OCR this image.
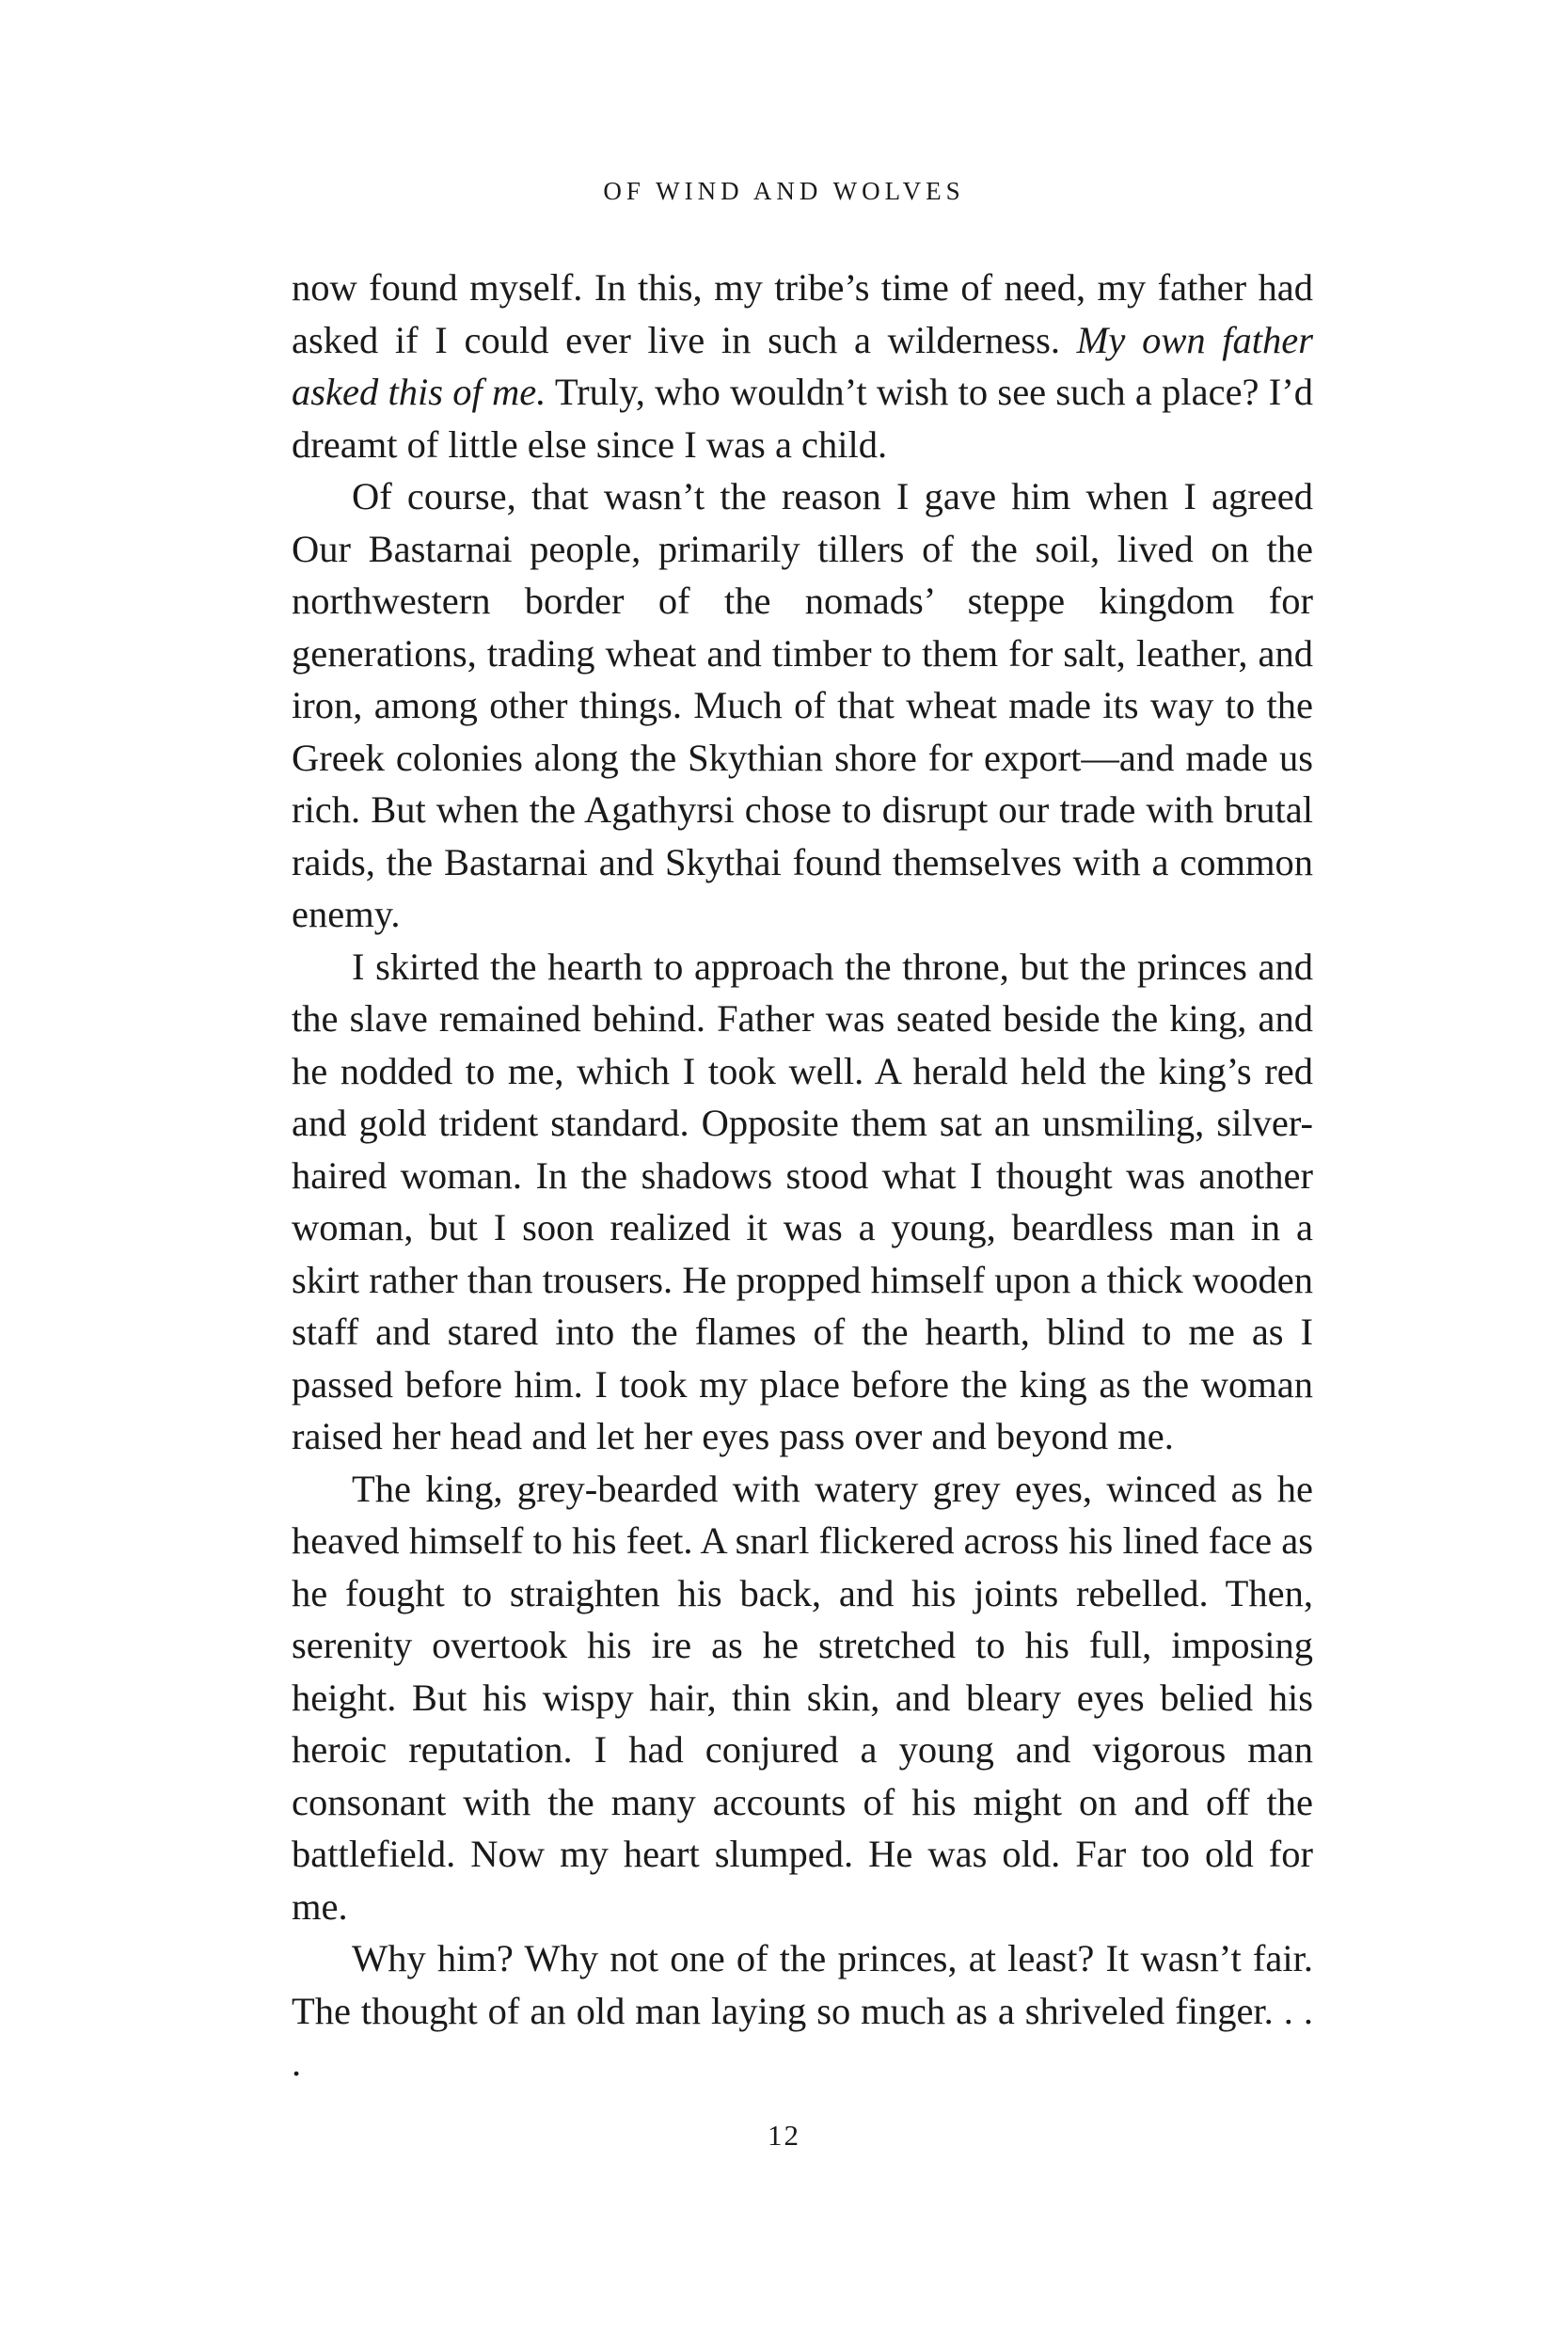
OF WIND AND WOLVES

now found myself. In this, my tribe’s time of need, my father had asked if I could ever live in such a wilderness. My own father asked this of me. Truly, who wouldn’t wish to see such a place? I’d dreamt of little else since I was a child.

Of course, that wasn’t the reason I gave him when I agreed Our Bastarnai people, primarily tillers of the soil, lived on the northwestern border of the nomads’ steppe kingdom for generations, trading wheat and timber to them for salt, leather, and iron, among other things. Much of that wheat made its way to the Greek colonies along the Skythian shore for export—and made us rich. But when the Agathyrsi chose to disrupt our trade with brutal raids, the Bastarnai and Skythai found themselves with a common enemy.

I skirted the hearth to approach the throne, but the princes and the slave remained behind. Father was seated beside the king, and he nodded to me, which I took well. A herald held the king’s red and gold trident standard. Opposite them sat an unsmiling, silver-haired woman. In the shadows stood what I thought was another woman, but I soon realized it was a young, beardless man in a skirt rather than trousers. He propped himself upon a thick wooden staff and stared into the flames of the hearth, blind to me as I passed before him. I took my place before the king as the woman raised her head and let her eyes pass over and beyond me.

The king, grey-bearded with watery grey eyes, winced as he heaved himself to his feet. A snarl flickered across his lined face as he fought to straighten his back, and his joints rebelled. Then, serenity overtook his ire as he stretched to his full, imposing height. But his wispy hair, thin skin, and bleary eyes belied his heroic reputation. I had conjured a young and vigorous man consonant with the many accounts of his might on and off the battlefield. Now my heart slumped. He was old. Far too old for me.

Why him? Why not one of the princes, at least? It wasn’t fair. The thought of an old man laying so much as a shriveled finger. . . .

12
